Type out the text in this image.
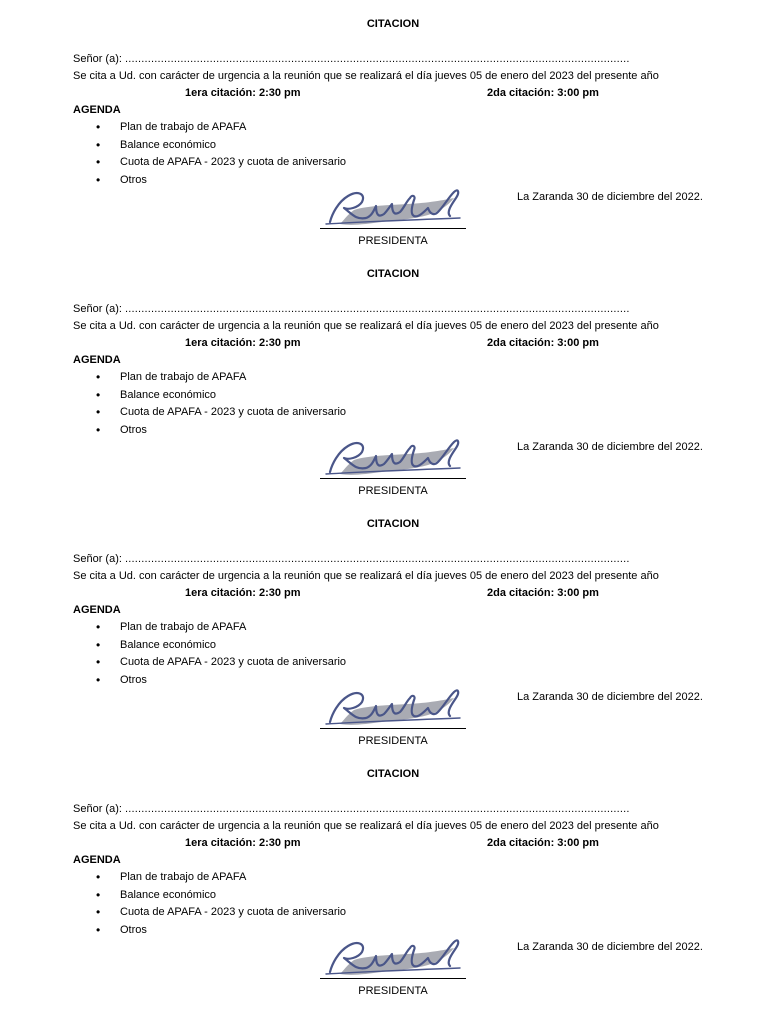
CITACION
Señor (a): ...........................................................................................................................................................
Se cita a Ud. con carácter de urgencia a la reunión que se realizará el día jueves 05 de enero del 2023 del presente año
1era citación: 2:30 pm	2da citación: 3:00 pm
AGENDA
• Plan de trabajo de APAFA
• Balance económico
• Cuota de APAFA - 2023 y cuota de aniversario
• Otros
La Zaranda 30 de diciembre del 2022.
PRESIDENTA
CITACION
Señor (a): ...........................................................................................................................................................
Se cita a Ud. con carácter de urgencia a la reunión que se realizará el día jueves 05 de enero del 2023 del presente año
1era citación: 2:30 pm	2da citación: 3:00 pm
AGENDA
• Plan de trabajo de APAFA
• Balance económico
• Cuota de APAFA - 2023 y cuota de aniversario
• Otros
La Zaranda 30 de diciembre del 2022.
PRESIDENTA
CITACION
Señor (a): ...........................................................................................................................................................
Se cita a Ud. con carácter de urgencia a la reunión que se realizará el día jueves 05 de enero del 2023 del presente año
1era citación: 2:30 pm	2da citación: 3:00 pm
AGENDA
• Plan de trabajo de APAFA
• Balance económico
• Cuota de APAFA - 2023 y cuota de aniversario
• Otros
La Zaranda 30 de diciembre del 2022.
PRESIDENTA
CITACION
Señor (a): ...........................................................................................................................................................
Se cita a Ud. con carácter de urgencia a la reunión que se realizará el día jueves 05 de enero del 2023 del presente año
1era citación: 2:30 pm	2da citación: 3:00 pm
AGENDA
• Plan de trabajo de APAFA
• Balance económico
• Cuota de APAFA - 2023 y cuota de aniversario
• Otros
La Zaranda 30 de diciembre del 2022.
PRESIDENTA
